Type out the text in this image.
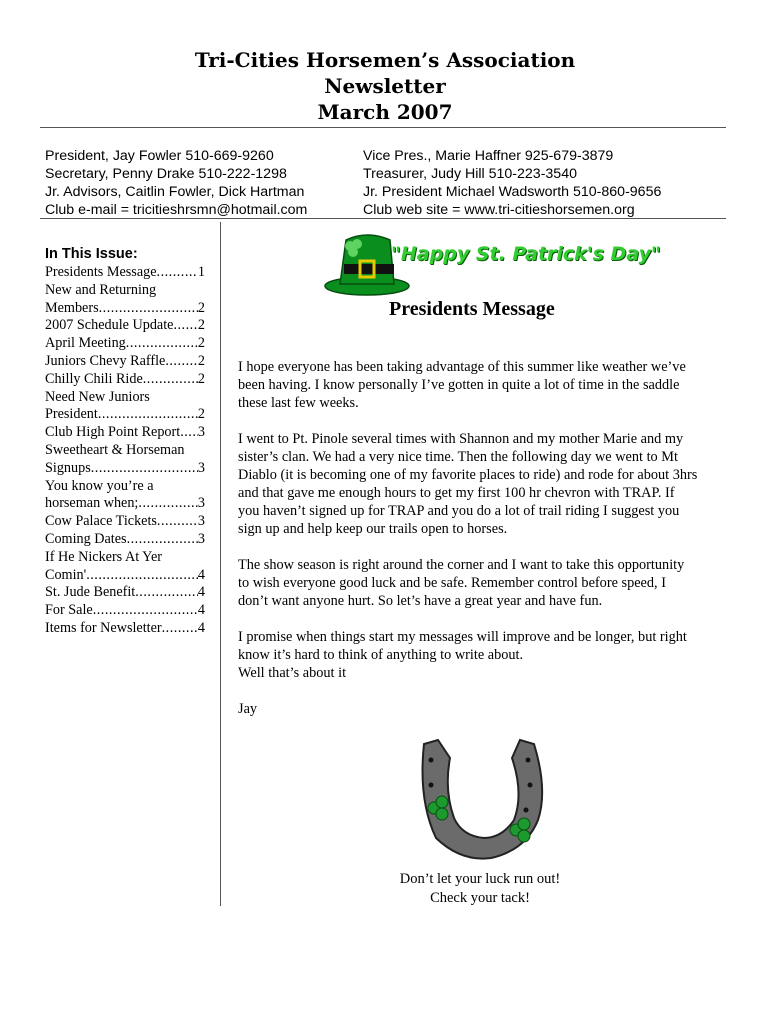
Tri-Cities Horsemen’s Association
Newsletter
March 2007
President, Jay Fowler 510-669-9260
Secretary, Penny Drake 510-222-1298
Jr. Advisors, Caitlin Fowler, Dick Hartman
Club e-mail = tricitieshrsmn@hotmail.com
Vice Pres., Marie Haffner 925-679-3879
Treasurer, Judy Hill 510-223-3540
Jr. President Michael Wadsworth 510-860-9656
Club web site = www.tri-citieshorsemen.org
In This Issue:
Presidents Message .....	1
New and Returning
Members .....	2
2007 Schedule Update ..... 2
April Meeting .....	2
Juniors Chevy Raffle ..... 2
Chilly Chili Ride .....	2
Need New Juniors
President .....	2
Club High Point Report ..... 3
Sweetheart & Horseman
Signups .....	3
You know you’re a
horseman when; .....	3
Cow Palace Tickets .....	3
Coming Dates .....	3
If He Nickers At Yer
Comin' .....	4
St. Jude Benefit .....	4
For Sale .....	4
Items for Newsletter .....	4
"Happy St. Patrick's Day"
Presidents Message

I hope everyone has been taking advantage of this summer like weather we’ve

been having. I know personally I’ve gotten in quite a lot of time in the saddle

these last few weeks.

I went to Pt. Pinole several times with Shannon and my mother Marie and my

sister’s clan. We had a very nice time. Then the following day we went to Mt

Diablo (it is becoming one of my favorite places to ride) and rode for about 3hrs

and that gave me enough hours to get my first 100 hr chevron with TRAP. If

you haven’t signed up for TRAP and you do a lot of trail riding I suggest you

sign up and help keep our trails open to horses.

The show season is right around the corner and I want to take this opportunity

to wish everyone good luck and be safe. Remember control before speed, I

don’t want anyone hurt. So let’s have a great year and have fun.

I promise when things start my messages will improve and be longer, but right

know it’s hard to think of anything to write about.

Well that’s about it

Jay

Don’t let your luck run out!
Check your tack!
